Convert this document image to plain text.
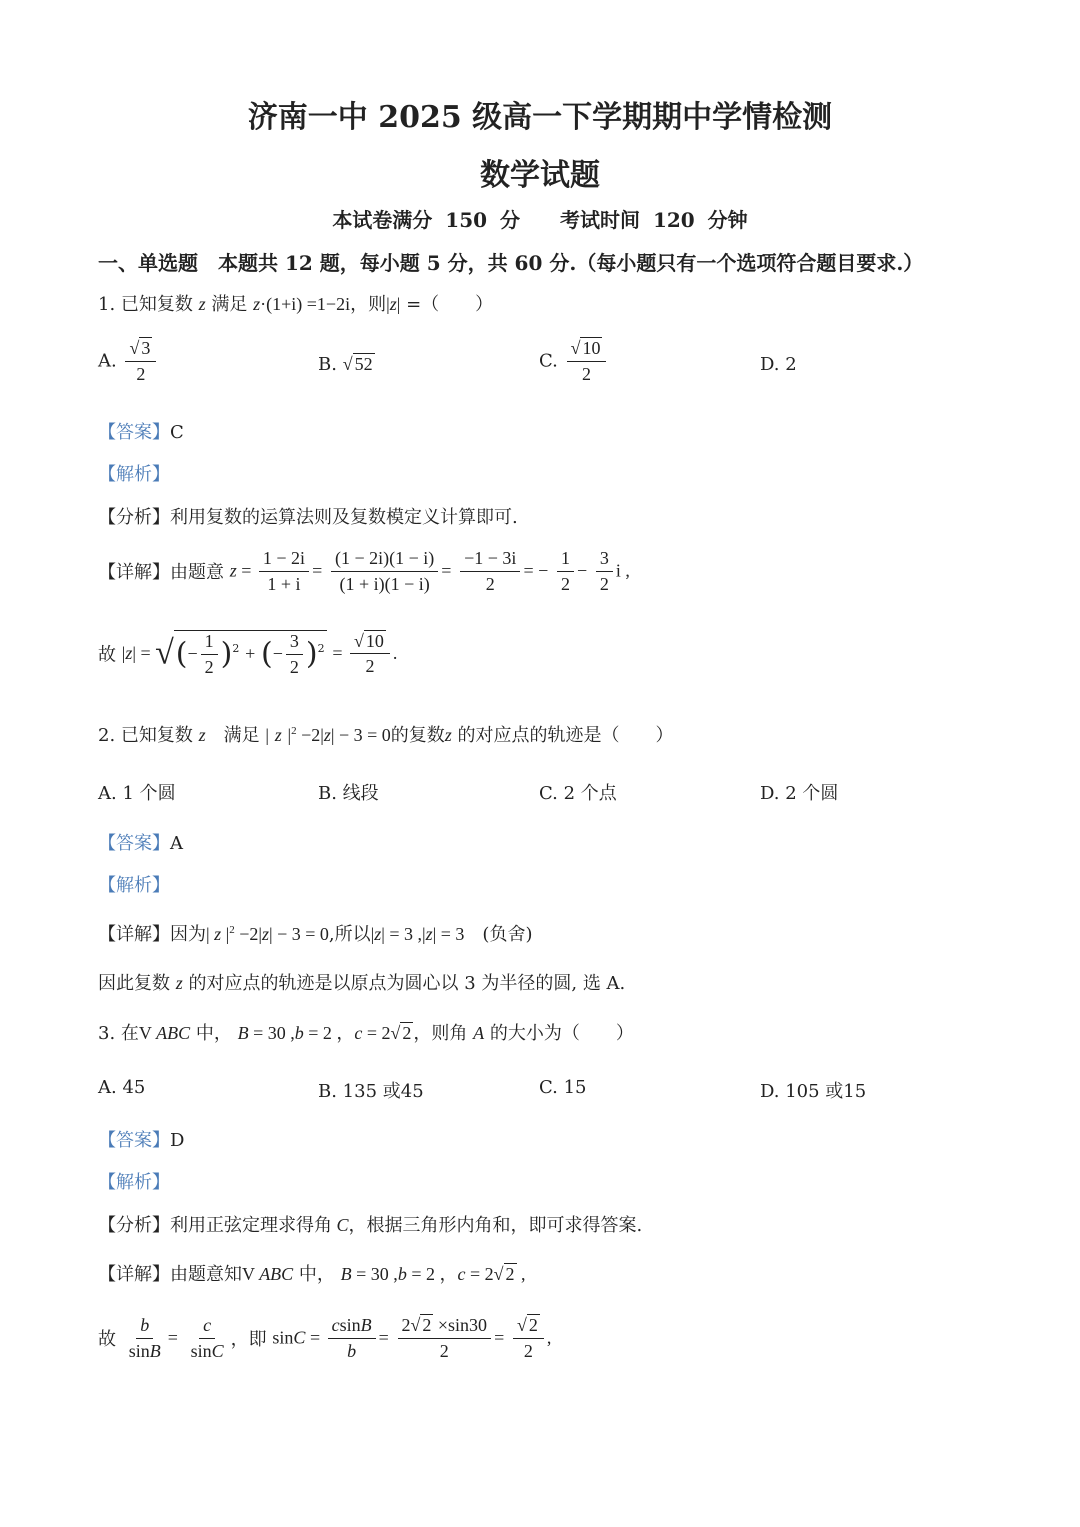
济南一中 2025 级高一下学期期中学情检测
数学试题
本试卷满分 150 分　　考试时间 120 分钟
一、单选题　本题共 12 题，每小题 5 分，共 60 分.（每小题只有一个选项符合题目要求.）
1. 已知复数 z 满足 z·(1+i) =1−2i，则|z| =（　　）
A. $\frac{√ 3}{2}$	B. √ 52	C. $\frac{√ 10}{2}$	D. 2
【答案】C
【解析】
【分析】利用复数的运算法则及复数模定义计算即可.
【详解】由题意 $z = \frac{1 - 2i}{1 + i} = \frac{(1 - 2i)(1 - i)}{(1 + i)(1 - i)} = \frac{-1 - 3i}{2}$ = − $\frac{1}{2} - \frac{3}{2}$ i ,
故 |z| = √(− $\frac{1}{2} )^2$ + (− $\frac{3}{2} )^2 = \frac{√ 10}{2}$ .
2. 已知复数 z　 满足 | z $|^2 -2|z| - 3 = 0$的复数z 的对应点的轨迹是（　　）
A. 1 个圆	B. 线段	C. 2 个点	D. 2 个圆
【答案】A
【解析】
【详解】因为| z $|^2 -2|z| - 3 = 0$,所以|z| = 3 ,|z| = 3　 (负舍)
因此复数 z 的对应点的轨迹是以原点为圆心以 3 为半径的圆, 选 A.
3. 在V ABC 中， B = 30 ,b = 2 ，c = 2√ 2 ，则角 A 的大小为（　　）
A. 45	B. 135 或45	C. 15	D. 105 或15
【答案】D
【解析】
【分析】利用正弦定理求得角 C，根据三角形内角和，即可求得答案.
【详解】由题意知V ABC 中， B = 30 ,b = 2 ，c = 2√ 2 ,
故 $\frac{b}{\sin B} = \frac{c}{\sin C}$ ，即 $\sin C = \frac{csinB}{b} = \frac{2√ 2 \times\sin 30}{2} = \frac{√ 2}{2}$ ,
